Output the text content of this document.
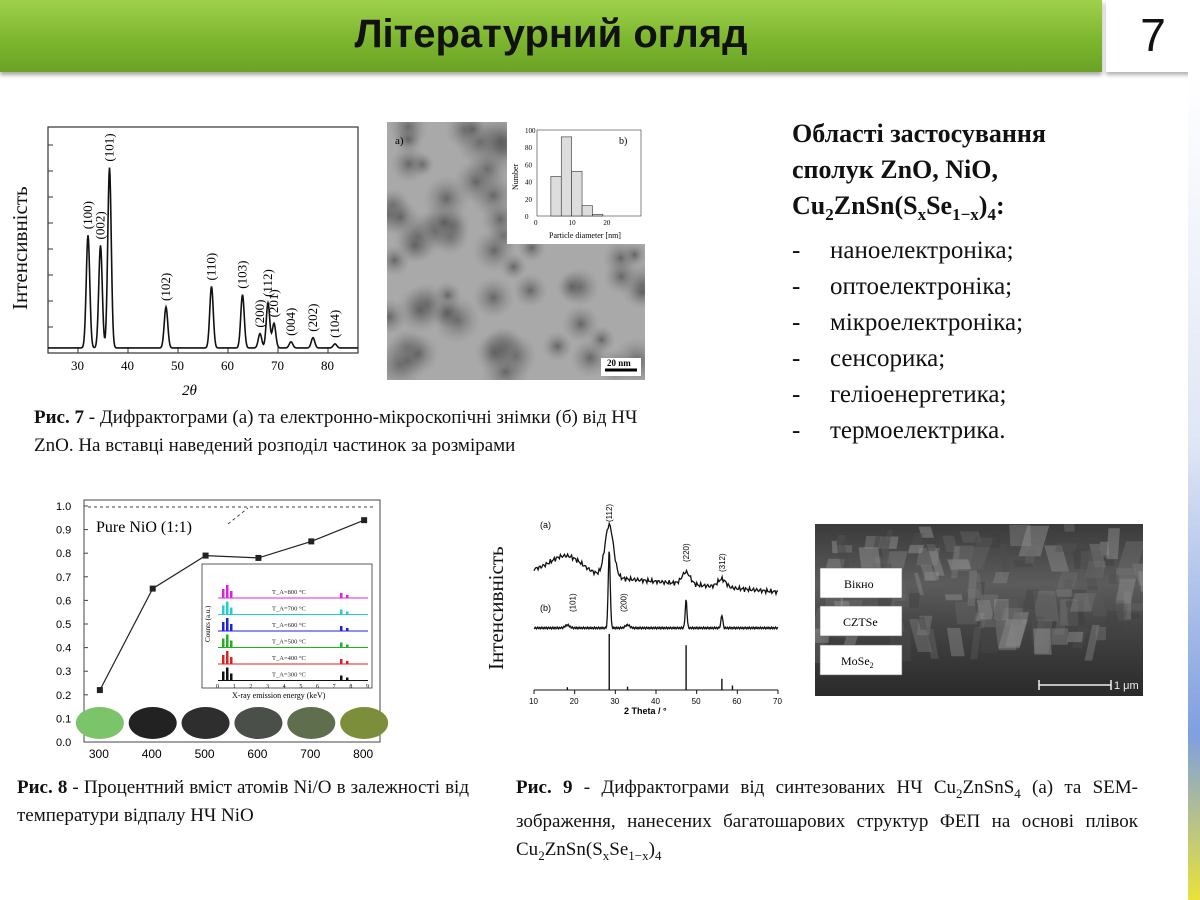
Літературний огляд	7
Інтенсивність
30	40	50	60	70	80
(100)
(002)
(101)
(102)
(110) (103)
(200)
(112)
(201)
(004) (202) (104)
2θ
a)
0
20
40
60
80
100
0	10	20
b)
Particle diameter [nm]
Number
20 nm
Рис. 7 - Дифрактограми (а) та електронно-мікроскопічні знімки (б) від НЧ ZnO. На вставці наведений розподіл частинок за розмірами
Області застосування
сполук ZnO, NiO,
$Cu_2ZnSn(S_xSe_{1-x})_4$:
- наноелектроніка;
- оптоелектроніка;
- мікроелектроніка;
- сенсорика;
- геліоенергетика;
- термоелектрика.
0.0
0.1
0.2
0.3
0.4
0.5
0.6
0.7
0.8
0.9
1.0
300	400	500	600	700	800
Pure NiO (1:1)
T_A=800 °C
T_A=700 °C
T_A=600 °C
T_A=500 °C
T_A=400 °C
T_A=300 °C
0 1 2 3 4 5 6 7 8 9
X-ray emission energy (keV)
Counts (a.u.)
Рис. 8 - Процентний вміст атомів Ni/O в залежності від температури відпалу НЧ NiO
Інтенсивність
10	20	30	40	50	60	70
(a)
(b)
(112)
(220)
(312)
(101)	(200)
2 Theta / °
1 μm
Вікно
CZTSe
MoSe$_2$
Рис. 9 - Дифрактограми від синтезованих НЧ $Cu_2ZnSnS_4$ (а) та SEM-зображення, нанесених багатошарових структур ФЕП на основі плівок $Cu_2ZnSn(S_xSe_{1-x})_4$
